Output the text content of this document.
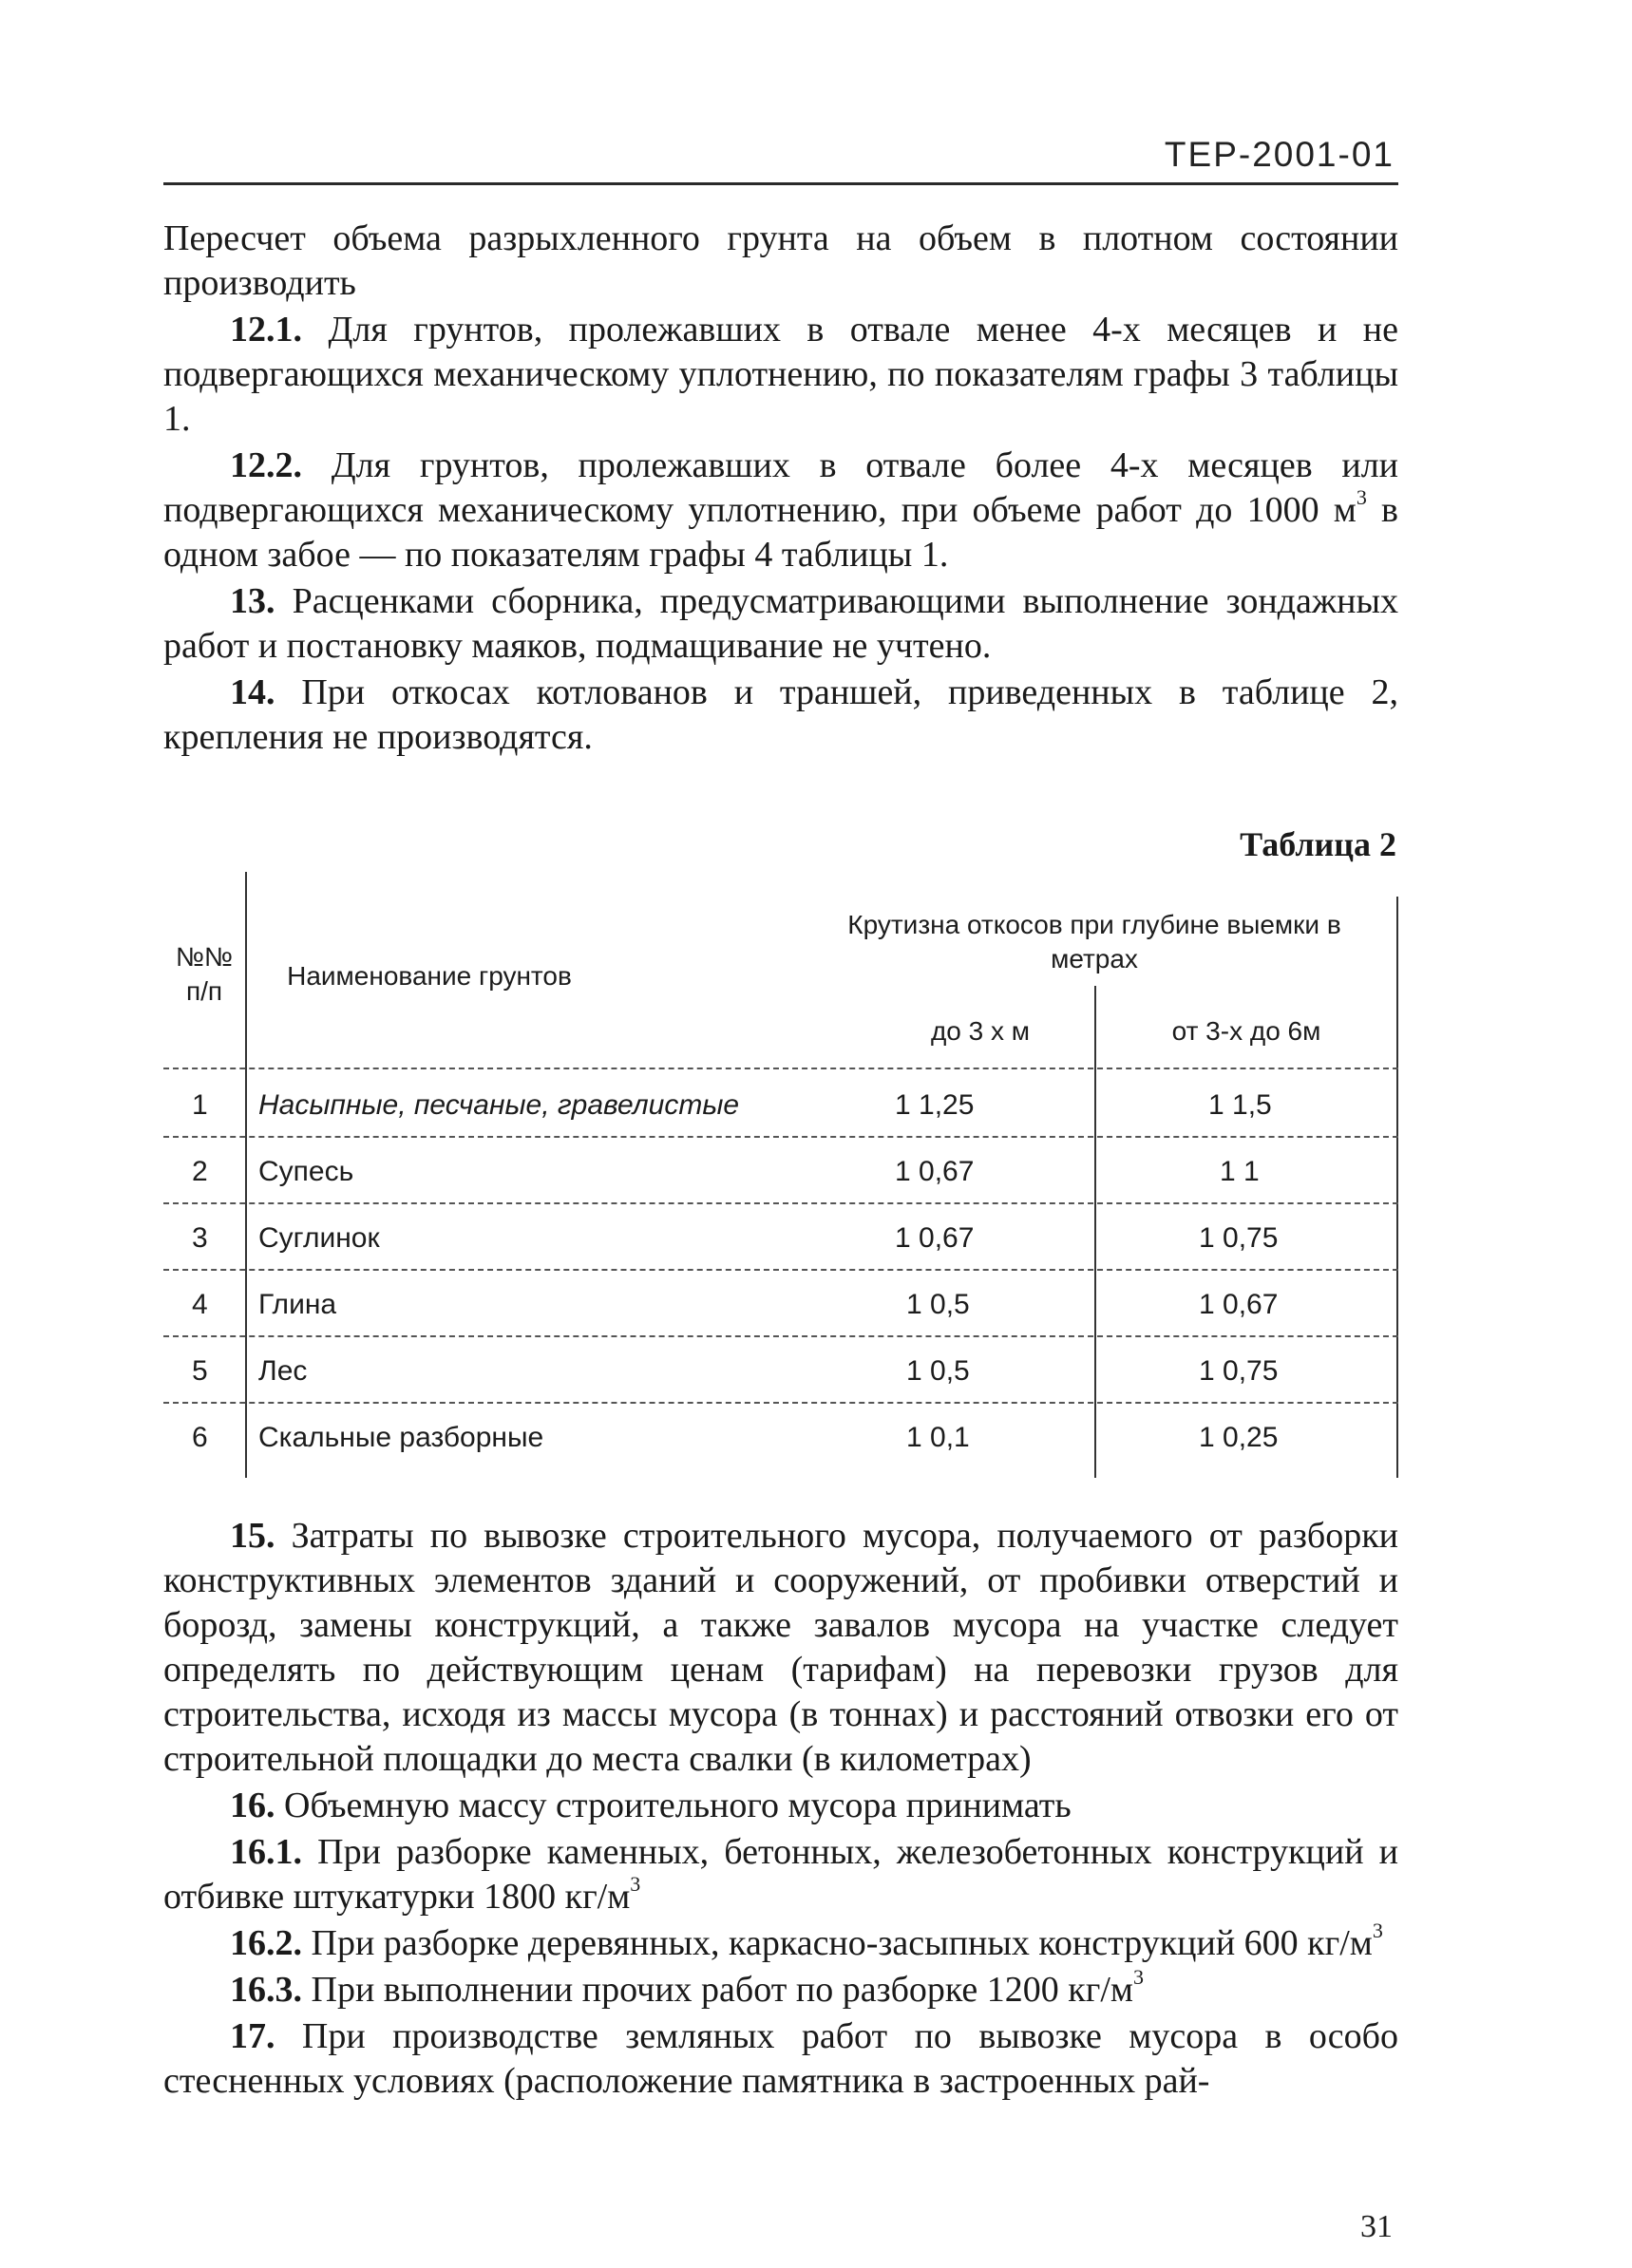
ТЕР-2001-01

Пересчет объема разрыхленного грунта на объем в плотном состоянии производить

12.1. Для грунтов, пролежавших в отвале менее 4-х месяцев и не подвергающихся механическому уплотнению, по показателям графы 3 таблицы 1.

12.2. Для грунтов, пролежавших в отвале более 4-х месяцев или подвергающихся механическому уплотнению, при объеме работ до 1000 $м^3$ в одном забое — по показателям графы 4 таблицы 1.

13. Расценками сборника, предусматривающими выполнение зондажных работ и постановку маяков, подмащивание не учтено.

14. При откосах котлованов и траншей, приведенных в таблице 2, крепления не производятся.

Таблица 2
№№ п/п
Наименование грунтов
Крутизна откосов при глубине выемки в метрах
до 3 х м	от 3-х до 6м
1 Насыпные, песчаные, гравелистые	1 1,25	1 1,5
2 Супесь	1 0,67	1 1
3 Суглинок	1 0,67	1 0,75
4 Глина	1 0,5	1 0,67
5 Лес	1 0,5	1 0,75
6 Скальные разборные	1 0,1	1 0,25

15. Затраты по вывозке строительного мусора, получаемого от разборки конструктивных элементов зданий и сооружений, от пробивки отверстий и борозд, замены конструкций, а также завалов мусора на участке следует определять по действующим ценам (тарифам) на перевозки грузов для строительства, исходя из массы мусора (в тоннах) и расстояний отвозки его от строительной площадки до места свалки (в километрах)

16. Объемную массу строительного мусора принимать

16.1. При разборке каменных, бетонных, железобетонных конструкций и отбивке штукатурки 1800 $кг/м^3$

16.2. При разборке деревянных, каркасно-засыпных конструкций 600 $кг/м^3$

16.3. При выполнении прочих работ по разборке 1200 $кг/м^3$

17. При производстве земляных работ по вывозке мусора в особо стесненных условиях (расположение памятника в застроенных рай-

31
